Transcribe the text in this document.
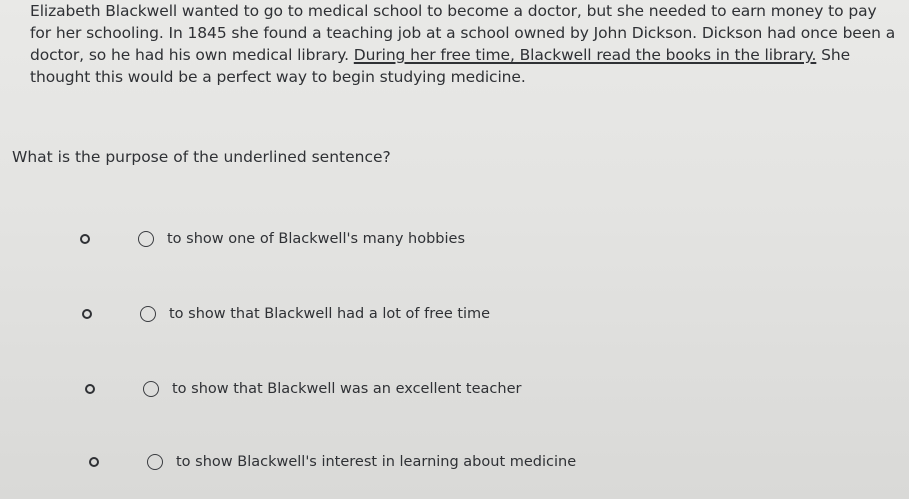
Elizabeth Blackwell wanted to go to medical school to become a doctor, but she needed to earn money to pay for her schooling. In 1845 she found a teaching job at a school owned by John Dickson. Dickson had once been a doctor, so he had his own medical library. During her free time, Blackwell read the books in the library. She thought this would be a perfect way to begin studying medicine.
What is the purpose of the underlined sentence?
to show one of Blackwell's many hobbies
to show that Blackwell had a lot of free time
to show that Blackwell was an excellent teacher
to show Blackwell's interest in learning about medicine
